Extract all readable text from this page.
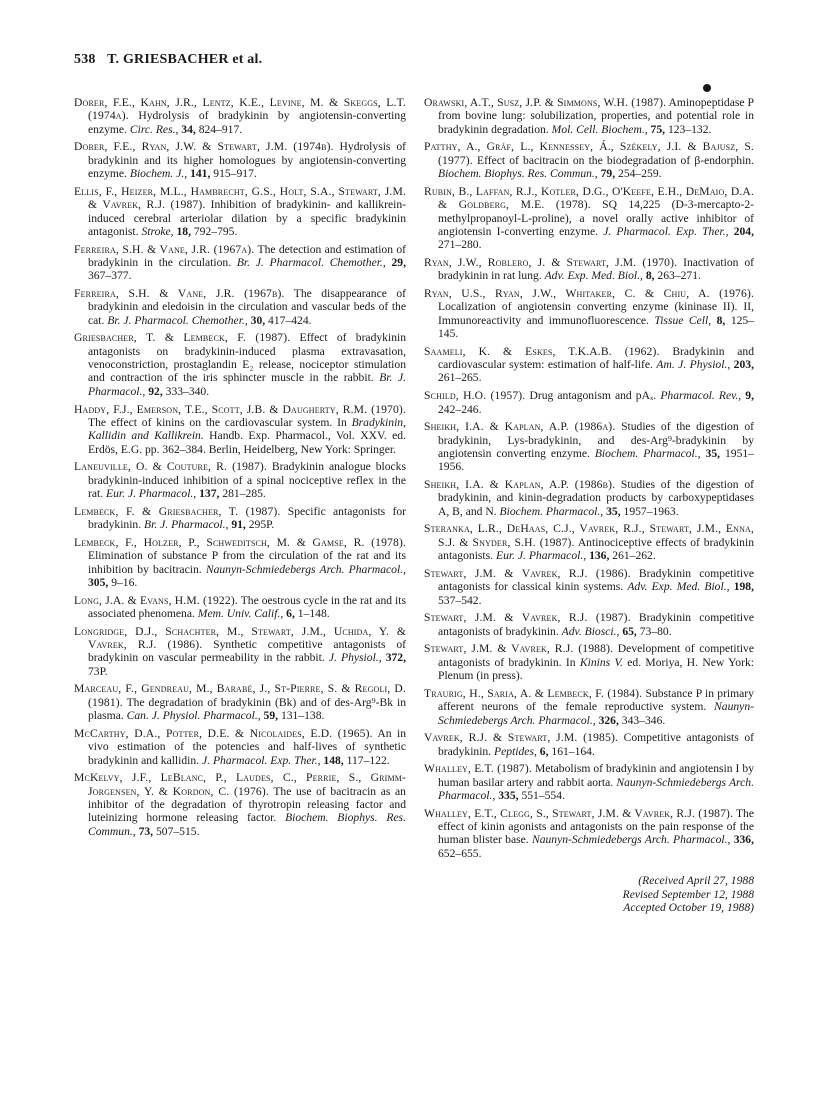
538 T. GRIESBACHER et al.

Dorer, F.E., Kahn, J.R., Lentz, K.E., Levine, M. & Skeggs, L.T. (1974a). Hydrolysis of bradykinin by angiotensin-converting enzyme. Circ. Res., 34, 824–917.

Dorer, F.E., Ryan, J.W. & Stewart, J.M. (1974b). Hydrolysis of bradykinin and its higher homologues by angiotensin-converting enzyme. Biochem. J., 141, 915–917.

Ellis, F., Heizer, M.L., Hambrecht, G.S., Holt, S.A., Stewart, J.M. & Vavrek, R.J. (1987). Inhibition of bradykinin- and kallikrein-induced cerebral arteriolar dilation by a specific bradykinin antagonist. Stroke, 18, 792–795.

Ferreira, S.H. & Vane, J.R. (1967a). The detection and estimation of bradykinin in the circulation. Br. J. Pharmacol. Chemother., 29, 367–377.

Ferreira, S.H. & Vane, J.R. (1967b). The disappearance of bradykinin and eledoisin in the circulation and vascular beds of the cat. Br. J. Pharmacol. Chemother., 30, 417–424.

Griesbacher, T. & Lembeck, F. (1987). Effect of bradykinin antagonists on bradykinin-induced plasma extravasation, venoconstriction, prostaglandin E₂ release, nociceptor stimulation and contraction of the iris sphincter muscle in the rabbit. Br. J. Pharmacol., 92, 333–340.

Haddy, F.J., Emerson, T.E., Scott, J.B. & Daugherty, R.M. (1970). The effect of kinins on the cardiovascular system. In Bradykinin, Kallidin and Kallikrein. Handb. Exp. Pharmacol., Vol. XXV. ed. Erdös, E.G. pp. 362–384. Berlin, Heidelberg, New York: Springer.

Laneuville, O. & Couture, R. (1987). Bradykinin analogue blocks bradykinin-induced inhibition of a spinal nociceptive reflex in the rat. Eur. J. Pharmacol., 137, 281–285.

Lembeck, F. & Griesbacher, T. (1987). Specific antagonists for bradykinin. Br. J. Pharmacol., 91, 295P.

Lembeck, F., Holzer, P., Schweditsch, M. & Gamse, R. (1978). Elimination of substance P from the circulation of the rat and its inhibition by bacitracin. Naunyn-Schmiedebergs Arch. Pharmacol., 305, 9–16.

Long, J.A. & Evans, H.M. (1922). The oestrous cycle in the rat and its associated phenomena. Mem. Univ. Calif., 6, 1–148.

Longridge, D.J., Schachter, M., Stewart, J.M., Uchida, Y. & Vavrek, R.J. (1986). Synthetic competitive antagonists of bradykinin on vascular permeability in the rabbit. J. Physiol., 372, 73P.

Marceau, F., Gendreau, M., Barabé, J., St-Pierre, S. & Regoli, D. (1981). The degradation of bradykinin (Bk) and of des-Arg⁹-Bk in plasma. Can. J. Physiol. Pharmacol., 59, 131–138.

McCarthy, D.A., Potter, D.E. & Nicolaides, E.D. (1965). An in vivo estimation of the potencies and half-lives of synthetic bradykinin and kallidin. J. Pharmacol. Exp. Ther., 148, 117–122.

McKelvy, J.F., LeBlanc, P., Laudes, C., Perrie, S., Grimm-Jorgensen, Y. & Kordon, C. (1976). The use of bacitracin as an inhibitor of the degradation of thyrotropin releasing factor and luteinizing hormone releasing factor. Biochem. Biophys. Res. Commun., 73, 507–515.

Orawski, A.T., Susz, J.P. & Simmons, W.H. (1987). Aminopeptidase P from bovine lung: solubilization, properties, and potential role in bradykinin degradation. Mol. Cell. Biochem., 75, 123–132.

Patthy, A., Gráf, L., Kennessey, Á., Székely, J.I. & Bajusz, S. (1977). Effect of bacitracin on the biodegradation of β-endorphin. Biochem. Biophys. Res. Commun., 79, 254–259.

Rubin, B., Laffan, R.J., Kotler, D.G., O'Keefe, E.H., DeMaio, D.A. & Goldberg, M.E. (1978). SQ 14,225 (D-3-mercapto-2-methylpropanoyl-L-proline), a novel orally active inhibitor of angiotensin I-converting enzyme. J. Pharmacol. Exp. Ther., 204, 271–280.

Ryan, J.W., Roblero, J. & Stewart, J.M. (1970). Inactivation of bradykinin in rat lung. Adv. Exp. Med. Biol., 8, 263–271.

Ryan, U.S., Ryan, J.W., Whitaker, C. & Chiu, A. (1976). Localization of angiotensin converting enzyme (kininase II). II, Immunoreactivity and immunofluorescence. Tissue Cell, 8, 125–145.

Saameli, K. & Eskes, T.K.A.B. (1962). Bradykinin and cardiovascular system: estimation of half-life. Am. J. Physiol., 203, 261–265.

Schild, H.O. (1957). Drug antagonism and pAₓ. Pharmacol. Rev., 9, 242–246.

Sheikh, I.A. & Kaplan, A.P. (1986a). Studies of the digestion of bradykinin, Lys-bradykinin, and des-Arg⁹-bradykinin by angiotensin converting enzyme. Biochem. Pharmacol., 35, 1951–1956.

Sheikh, I.A. & Kaplan, A.P. (1986b). Studies of the digestion of bradykinin, and kinin-degradation products by carboxypeptidases A, B, and N. Biochem. Pharmacol., 35, 1957–1963.

Steranka, L.R., DeHaas, C.J., Vavrek, R.J., Stewart, J.M., Enna, S.J. & Snyder, S.H. (1987). Antinociceptive effects of bradykinin antagonists. Eur. J. Pharmacol., 136, 261–262.

Stewart, J.M. & Vavrek, R.J. (1986). Bradykinin competitive antagonists for classical kinin systems. Adv. Exp. Med. Biol., 198, 537–542.

Stewart, J.M. & Vavrek, R.J. (1987). Bradykinin competitive antagonists of bradykinin. Adv. Biosci., 65, 73–80.

Stewart, J.M. & Vavrek, R.J. (1988). Development of competitive antagonists of bradykinin. In Kinins V. ed. Moriya, H. New York: Plenum (in press).

Traurig, H., Saria, A. & Lembeck, F. (1984). Substance P in primary afferent neurons of the female reproductive system. Naunyn-Schmiedebergs Arch. Pharmacol., 326, 343–346.

Vavrek, R.J. & Stewart, J.M. (1985). Competitive antagonists of bradykinin. Peptides, 6, 161–164.

Whalley, E.T. (1987). Metabolism of bradykinin and angiotensin I by human basilar artery and rabbit aorta. Naunyn-Schmiedebergs Arch. Pharmacol., 335, 551–554.

Whalley, E.T., Clegg, S., Stewart, J.M. & Vavrek, R.J. (1987). The effect of kinin agonists and antagonists on the pain response of the human blister base. Naunyn-Schmiedebergs Arch. Pharmacol., 336, 652–655.

(Received April 27, 1988
Revised September 12, 1988
Accepted October 19, 1988)
